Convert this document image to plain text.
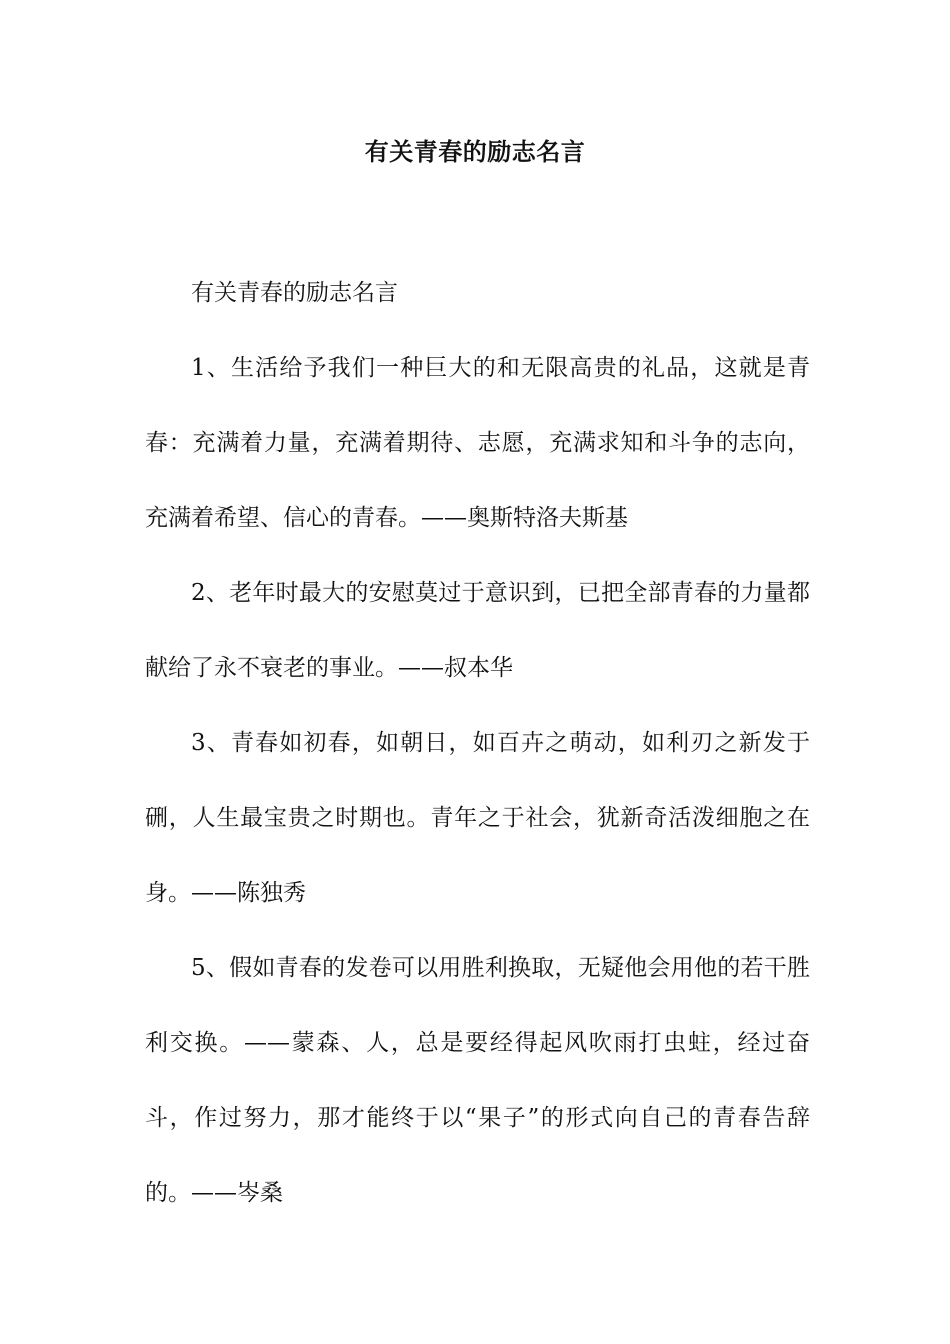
有关青春的励志名言

有关青春的励志名言

1、生活给予我们一种巨大的和无限高贵的礼品，这就是青春：充满着力量，充满着期待、志愿，充满求知和斗争的志向，充满着希望、信心的青春。——奥斯特洛夫斯基

2、老年时最大的安慰莫过于意识到，已把全部青春的力量都献给了永不衰老的事业。——叔本华

3、青春如初春，如朝日，如百卉之萌动，如利刃之新发于硎，人生最宝贵之时期也。青年之于社会，犹新奇活泼细胞之在身。——陈独秀

5、假如青春的发卷可以用胜利换取，无疑他会用他的若干胜利交换。——蒙森、人，总是要经得起风吹雨打虫蛀，经过奋斗，作过努力，那才能终于以“果子”的形式向自己的青春告辞的。——岑桑
